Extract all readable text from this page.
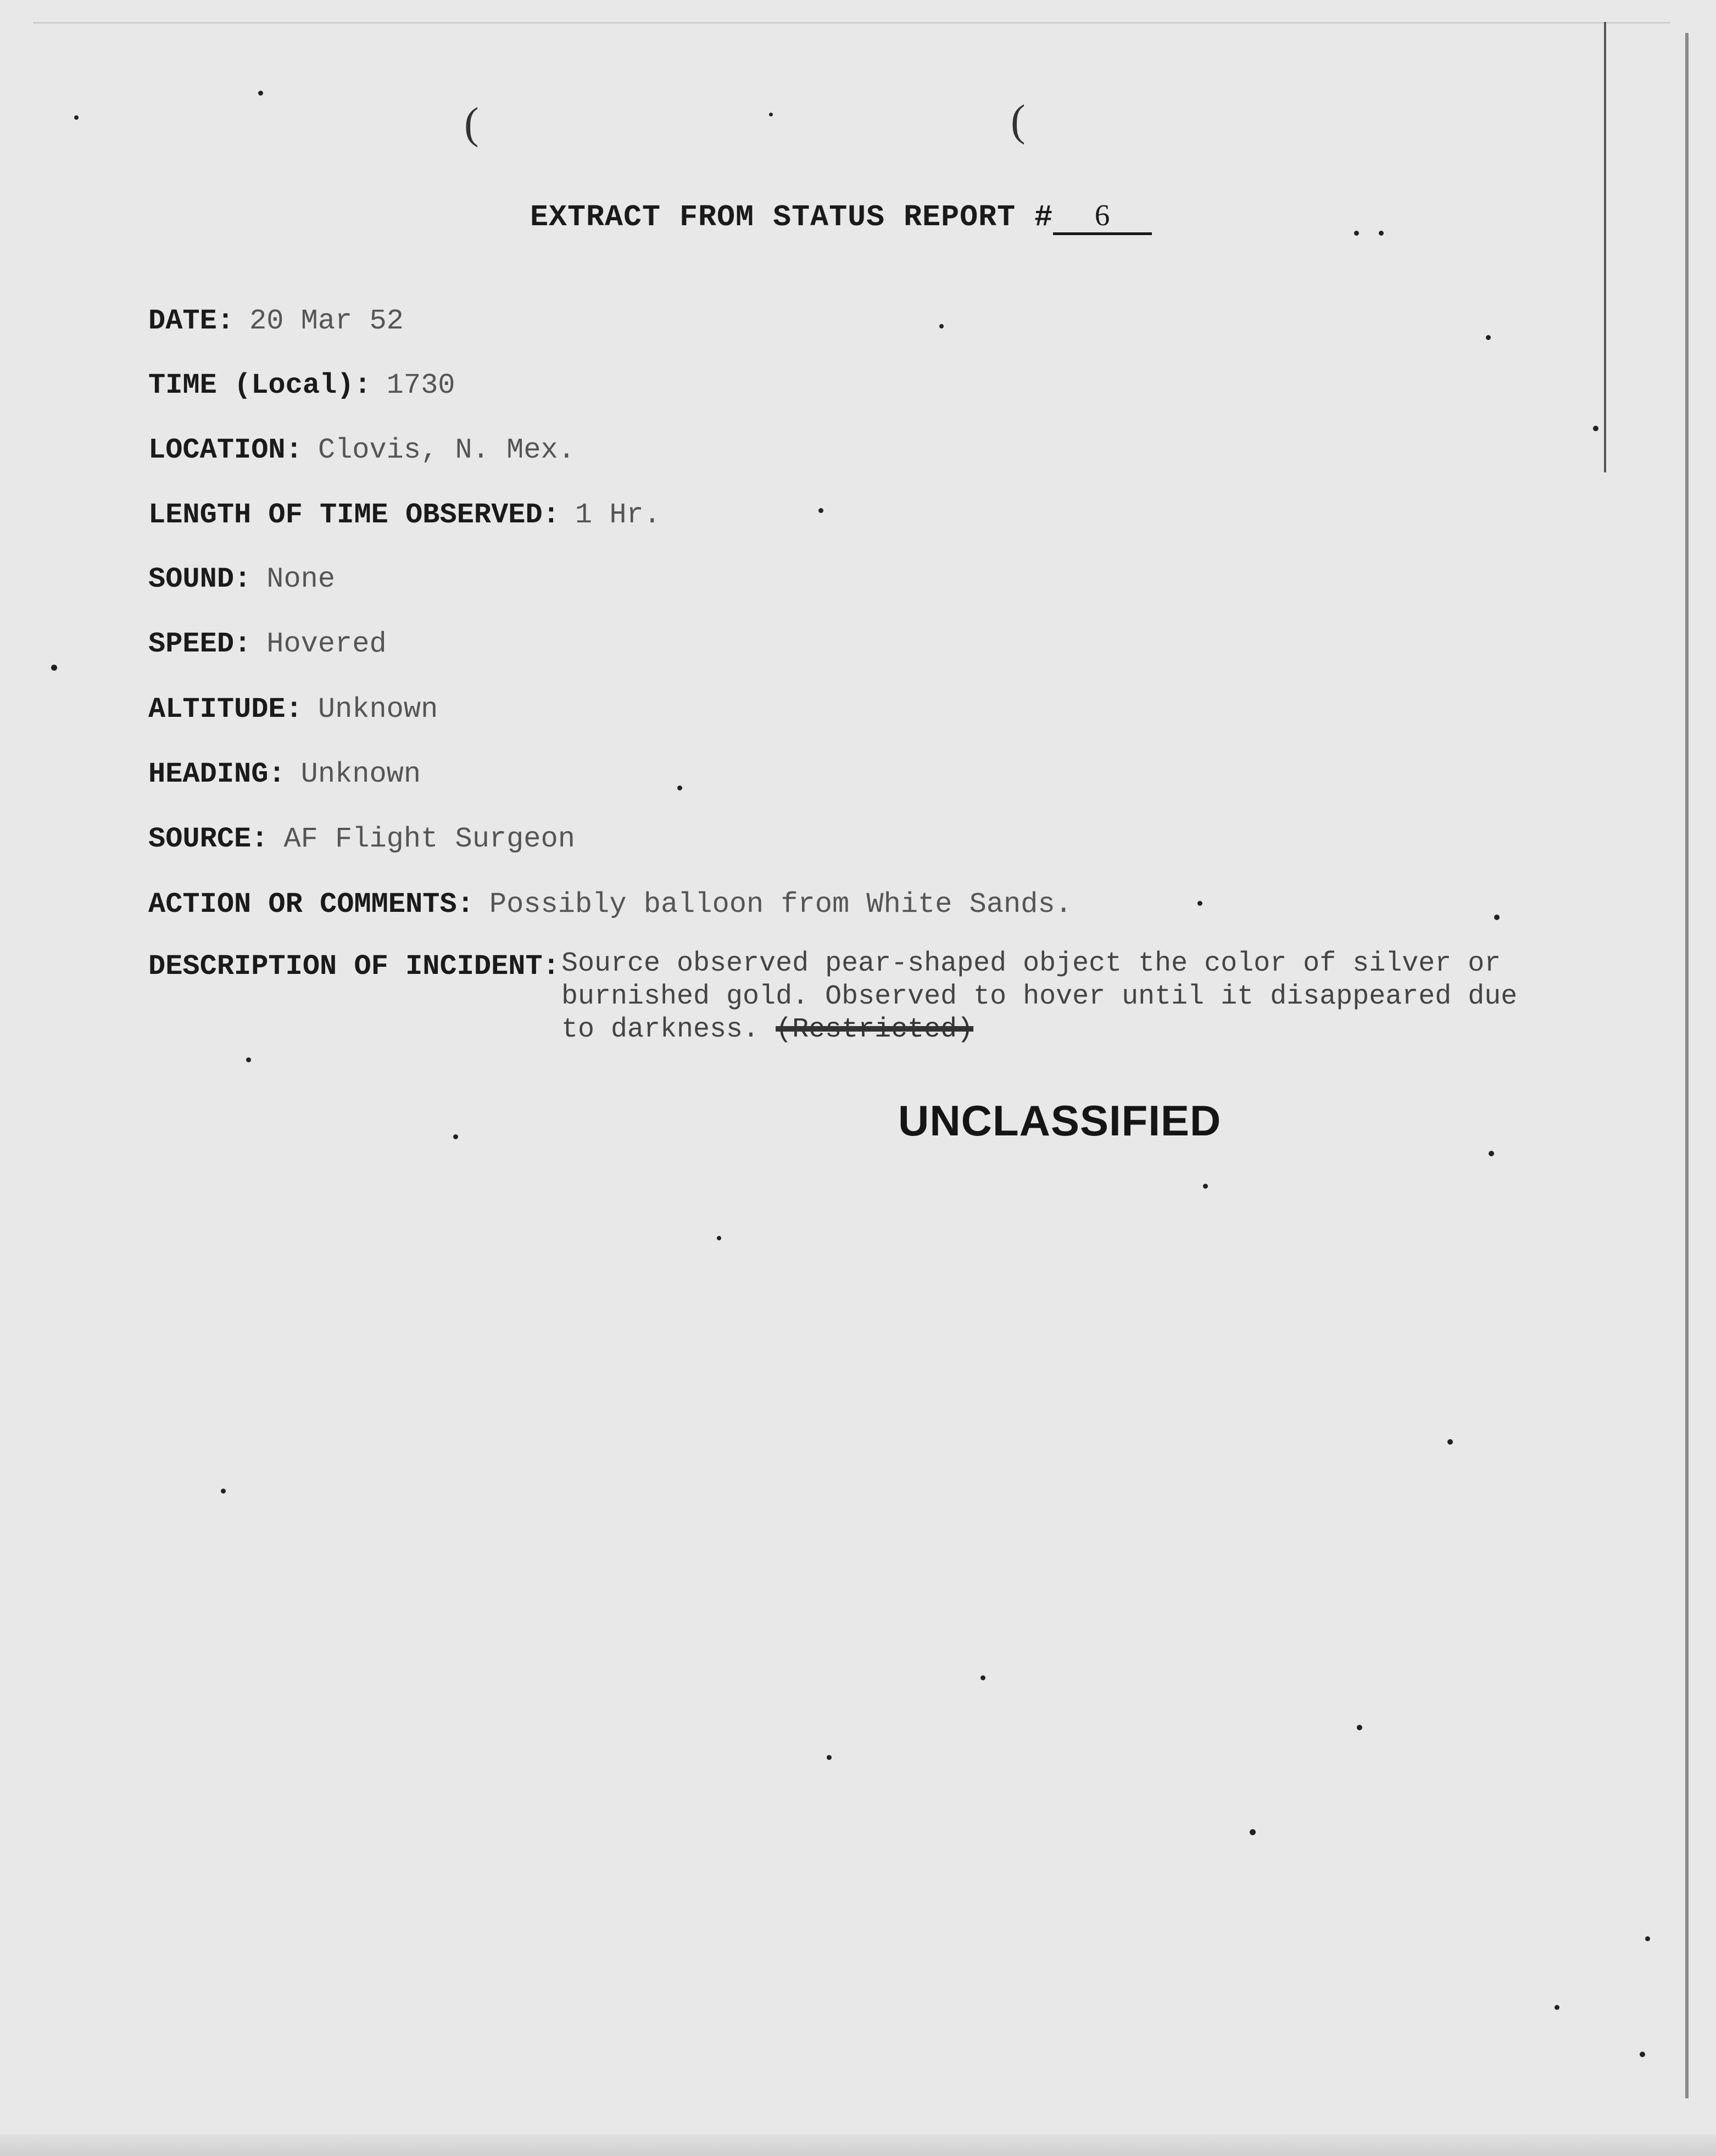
(	(
EXTRACT FROM STATUS REPORT # 6
DATE: 20 Mar 52
TIME (Local): 1730
LOCATION: Clovis, N. Mex.
LENGTH OF TIME OBSERVED: 1 Hr.
SOUND: None
SPEED: Hovered
ALTITUDE: Unknown
HEADING: Unknown
SOURCE: AF Flight Surgeon
ACTION OR COMMENTS: Possibly balloon from White Sands.
DESCRIPTION OF INCIDENT: Source observed pear-shaped object the color of silver or burnished gold. Observed to hover until it disappeared due to darkness. (Restricted)
UNCLASSIFIED
